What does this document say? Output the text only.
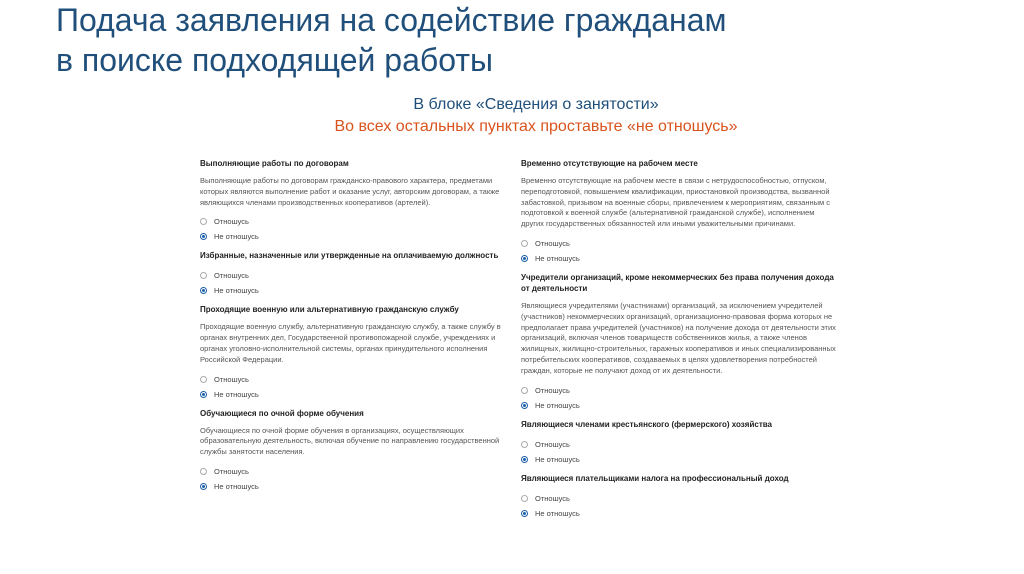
Подача заявления на содействие гражданам
в поиске подходящей работы
В блоке «Сведения о занятости»
Во всех остальных пунктах проставьте «не отношусь»
Выполняющие работы по договорам
Выполняющие работы по договорам гражданско-правового характера, предметами которых являются выполнение работ и оказание услуг, авторским договорам, а также являющихся членами производственных кооперативов (артелей).
Отношусь
Не отношусь
Избранные, назначенные или утвержденные на оплачиваемую должность
Отношусь
Не отношусь
Проходящие военную или альтернативную гражданскую службу
Проходящие военную службу, альтернативную гражданскую службу, а также службу в органах внутренних дел, Государственной противопожарной службе, учреждениях и органах уголовно-исполнительной системы, органах принудительного исполнения Российской Федерации.
Отношусь
Не отношусь
Обучающиеся по очной форме обучения
Обучающиеся по очной форме обучения в организациях, осуществляющих образовательную деятельность, включая обучение по направлению государственной службы занятости населения.
Отношусь
Не отношусь
Временно отсутствующие на рабочем месте
Временно отсутствующие на рабочем месте в связи с нетрудоспособностью, отпуском, переподготовкой, повышением квалификации, приостановкой производства, вызванной забастовкой, призывом на военные сборы, привлечением к мероприятиям, связанным с подготовкой к военной службе (альтернативной гражданской службе), исполнением других государственных обязанностей или иными уважительными причинами.
Отношусь
Не отношусь
Учредители организаций, кроме некоммерческих без права получения дохода от деятельности
Являющиеся учредителями (участниками) организаций, за исключением учредителей (участников) некоммерческих организаций, организационно-правовая форма которых не предполагает права учредителей (участников) на получение дохода от деятельности этих организаций, включая членов товариществ собственников жилья, а также членов жилищных, жилищно-строительных, гаражных кооперативов и иных специализированных потребительских кооперативов, создаваемых в целях удовлетворения потребностей граждан, которые не получают доход от их деятельности.
Отношусь
Не отношусь
Являющиеся членами крестьянского (фермерского) хозяйства
Отношусь
Не отношусь
Являющиеся плательщиками налога на профессиональный доход
Отношусь
Не отношусь
